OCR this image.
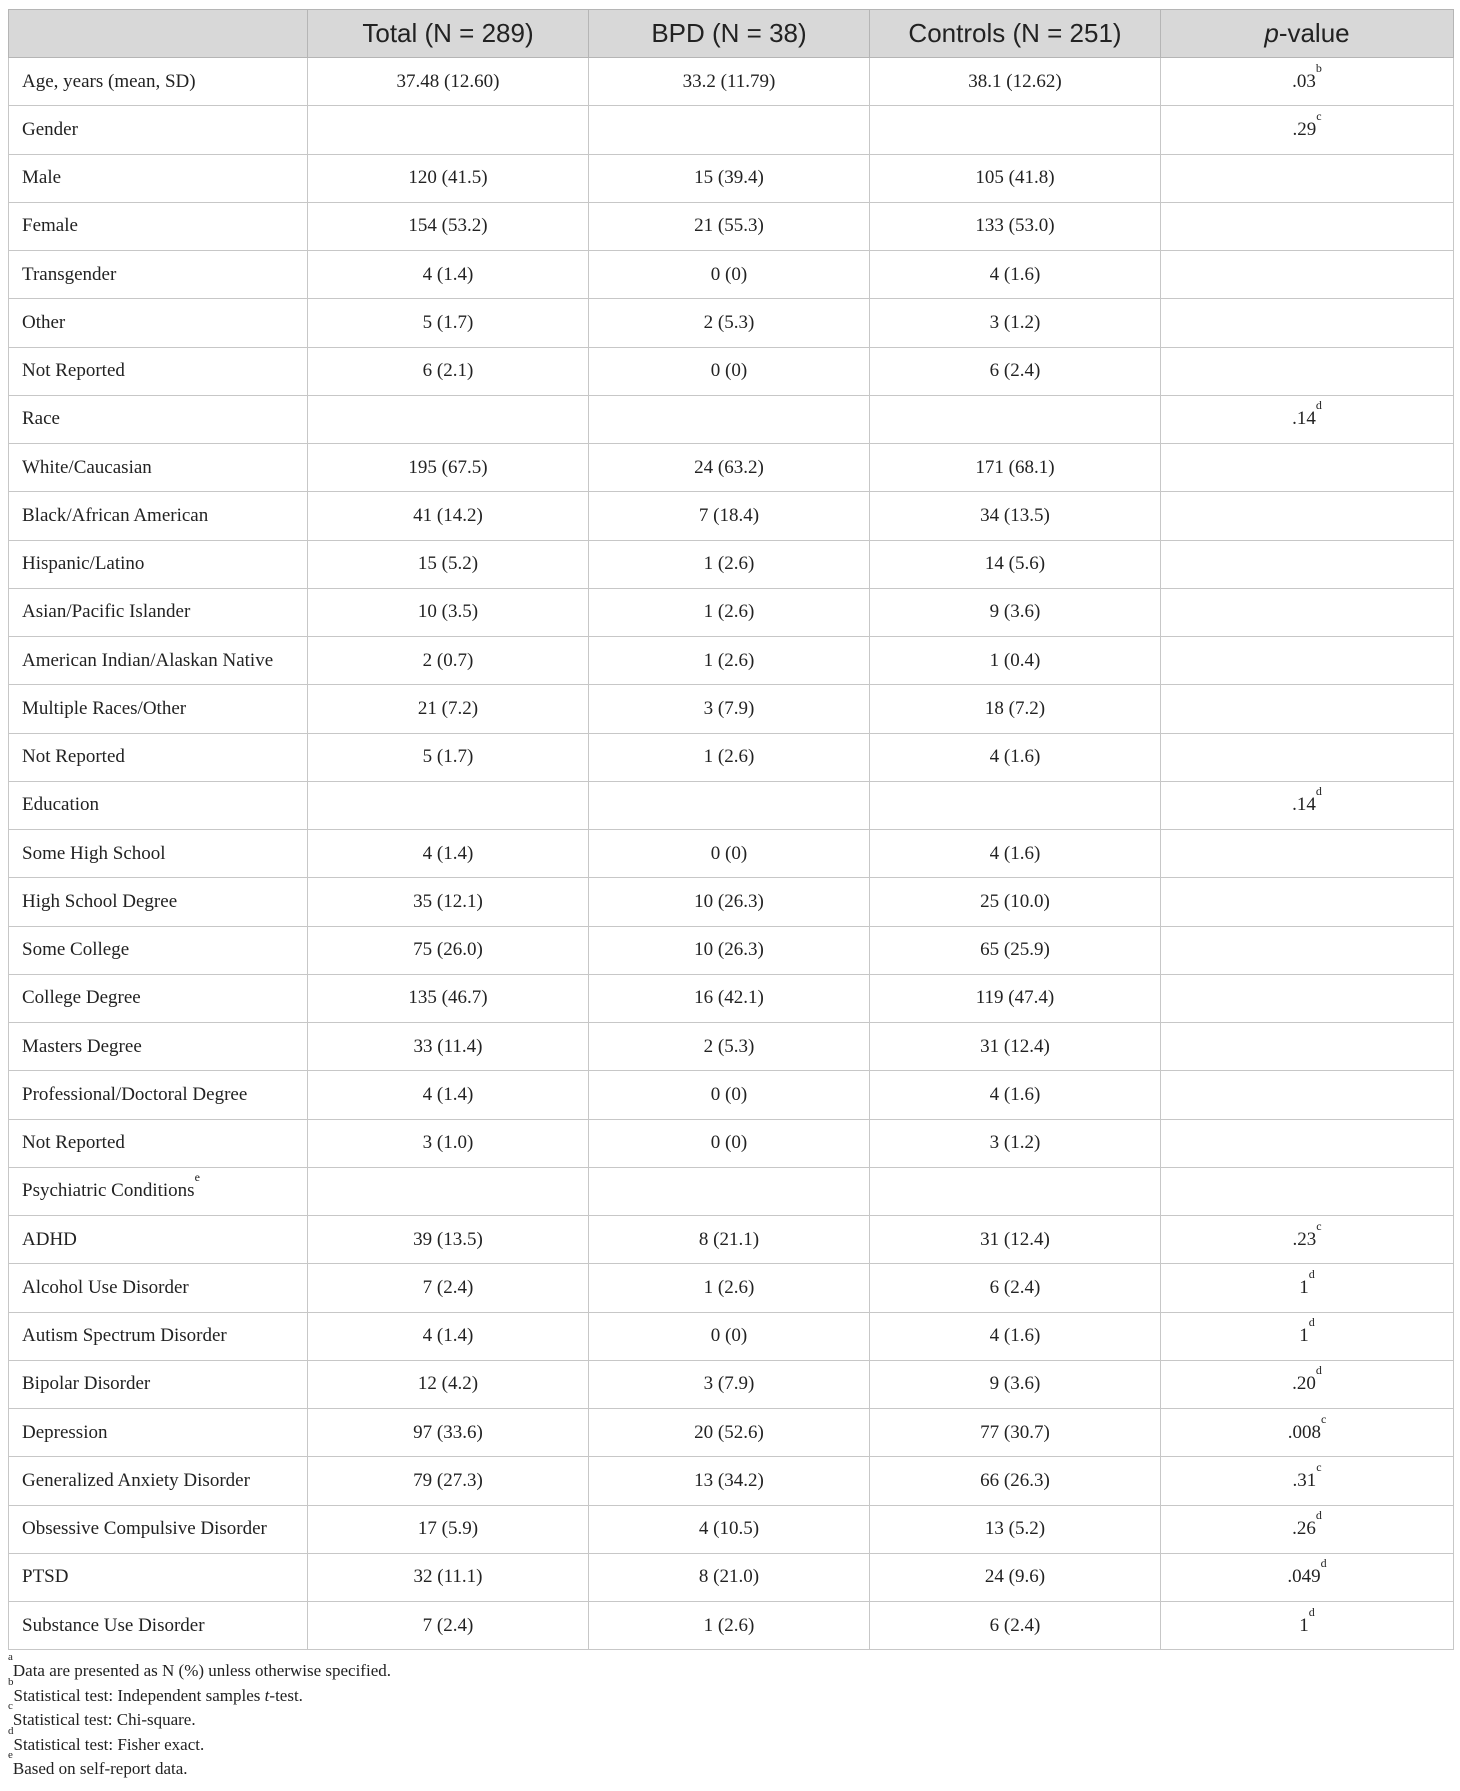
	Total (N = 289)	BPD (N = 38)	Controls (N = 251)	p-value
Age, years (mean, SD)	37.48 (12.60)	33.2 (11.79)	38.1 (12.62)	.03$^b$
Gender				.29$^c$
Male	120 (41.5)	15 (39.4)	105 (41.8)	
Female	154 (53.2)	21 (55.3)	133 (53.0)	
Transgender	4 (1.4)	0 (0)	4 (1.6)	
Other	5 (1.7)	2 (5.3)	3 (1.2)	
Not Reported	6 (2.1)	0 (0)	6 (2.4)	
Race				.14$^d$
White/Caucasian	195 (67.5)	24 (63.2)	171 (68.1)	
Black/African American	41 (14.2)	7 (18.4)	34 (13.5)	
Hispanic/Latino	15 (5.2)	1 (2.6)	14 (5.6)	
Asian/Pacific Islander	10 (3.5)	1 (2.6)	9 (3.6)	
American Indian/Alaskan Native	2 (0.7)	1 (2.6)	1 (0.4)	
Multiple Races/Other	21 (7.2)	3 (7.9)	18 (7.2)	
Not Reported	5 (1.7)	1 (2.6)	4 (1.6)	
Education				.14$^d$
Some High School	4 (1.4)	0 (0)	4 (1.6)	
High School Degree	35 (12.1)	10 (26.3)	25 (10.0)	
Some College	75 (26.0)	10 (26.3)	65 (25.9)	
College Degree	135 (46.7)	16 (42.1)	119 (47.4)	
Masters Degree	33 (11.4)	2 (5.3)	31 (12.4)	
Professional/Doctoral Degree	4 (1.4)	0 (0)	4 (1.6)	
Not Reported	3 (1.0)	0 (0)	3 (1.2)	
Psychiatric Conditions$^e$				
ADHD	39 (13.5)	8 (21.1)	31 (12.4)	.23$^c$
Alcohol Use Disorder	7 (2.4)	1 (2.6)	6 (2.4)	1$^d$
Autism Spectrum Disorder	4 (1.4)	0 (0)	4 (1.6)	1$^d$
Bipolar Disorder	12 (4.2)	3 (7.9)	9 (3.6)	.20$^d$
Depression	97 (33.6)	20 (52.6)	77 (30.7)	.008$^c$
Generalized Anxiety Disorder	79 (27.3)	13 (34.2)	66 (26.3)	.31$^c$
Obsessive Compulsive Disorder	17 (5.9)	4 (10.5)	13 (5.2)	.26$^d$
PTSD	32 (11.1)	8 (21.0)	24 (9.6)	.049$^d$
Substance Use Disorder	7 (2.4)	1 (2.6)	6 (2.4)	1$^d$
$^a$Data are presented as N (%) unless otherwise specified.
$^b$Statistical test: Independent samples t-test.
$^c$Statistical test: Chi-square.
$^d$Statistical test: Fisher exact.
$^e$Based on self-report data.
